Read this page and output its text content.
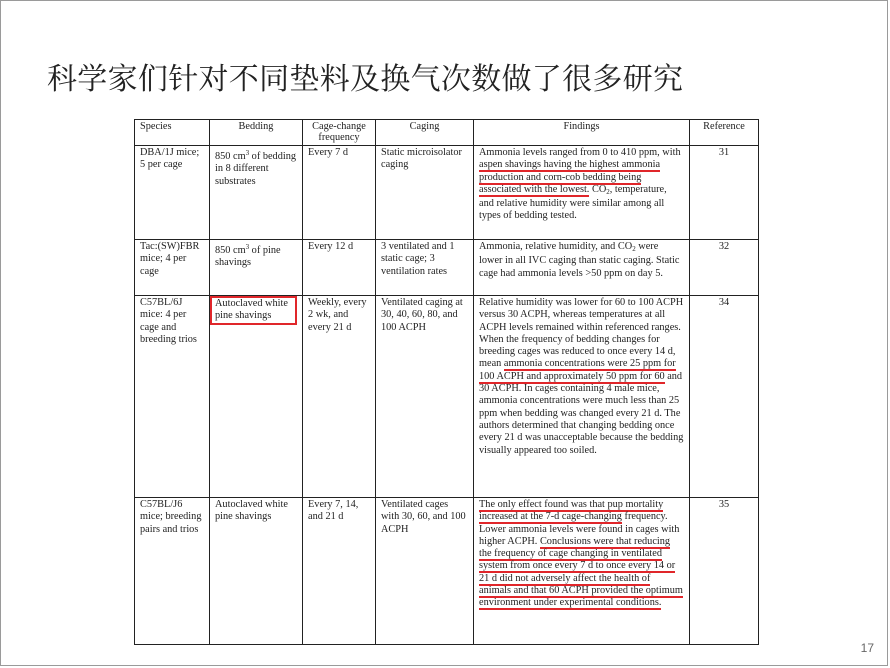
科学家们针对不同垫料及换气次数做了很多研究
Species	Bedding	Cage-change frequency	Caging	Findings	Reference
DBA/1J mice; 5 per cage	850 $cm^3$ of bedding in 8 different substrates	Every 7 d	Static microisolator caging	Ammonia levels ranged from 0 to 410 ppm, with aspen shavings having the highest ammonia production and corn-cob bedding being associated with the lowest. CO2, temperature, and relative humidity were similar among all types of bedding tested.	31
Tac:(SW)FBR mice; 4 per cage	850 $cm^3$ of pine shavings	Every 12 d	3 ventilated and 1 static cage; 3 ventilation rates	Ammonia, relative humidity, and CO2 were lower in all IVC caging than static caging. Static cage had ammonia levels >50 ppm on day 5.	32
C57BL/6J mice: 4 per cage and breeding trios	Autoclaved white pine shavings	Weekly, every 2 wk, and every 21 d	Ventilated caging at 30, 40, 60, 80, and 100 ACPH	Relative humidity was lower for 60 to 100 ACPH versus 30 ACPH, whereas temperatures at all ACPH levels remained within referenced ranges. When the frequency of bedding changes for breeding cages was reduced to once every 14 d, mean ammonia concentrations were 25 ppm for 100 ACPH and approximately 50 ppm for 60 and 30 ACPH. In cages containing 4 male mice, ammonia concentrations were much less than 25 ppm when bedding was changed every 21 d. The authors determined that changing bedding once every 21 d was unacceptable because the bedding visually appeared too soiled.	34
C57BL/J6 mice; breeding pairs and trios	Autoclaved white pine shavings	Every 7, 14, and 21 d	Ventilated cages with 30, 60, and 100 ACPH	The only effect found was that pup mortality increased at the 7-d cage-changing frequency. Lower ammonia levels were found in cages with higher ACPH. Conclusions were that reducing the frequency of cage changing in ventilated system from once every 7 d to once every 14 or 21 d did not adversely affect the health of animals and that 60 ACPH provided the optimum environment under experimental conditions.	35
17
